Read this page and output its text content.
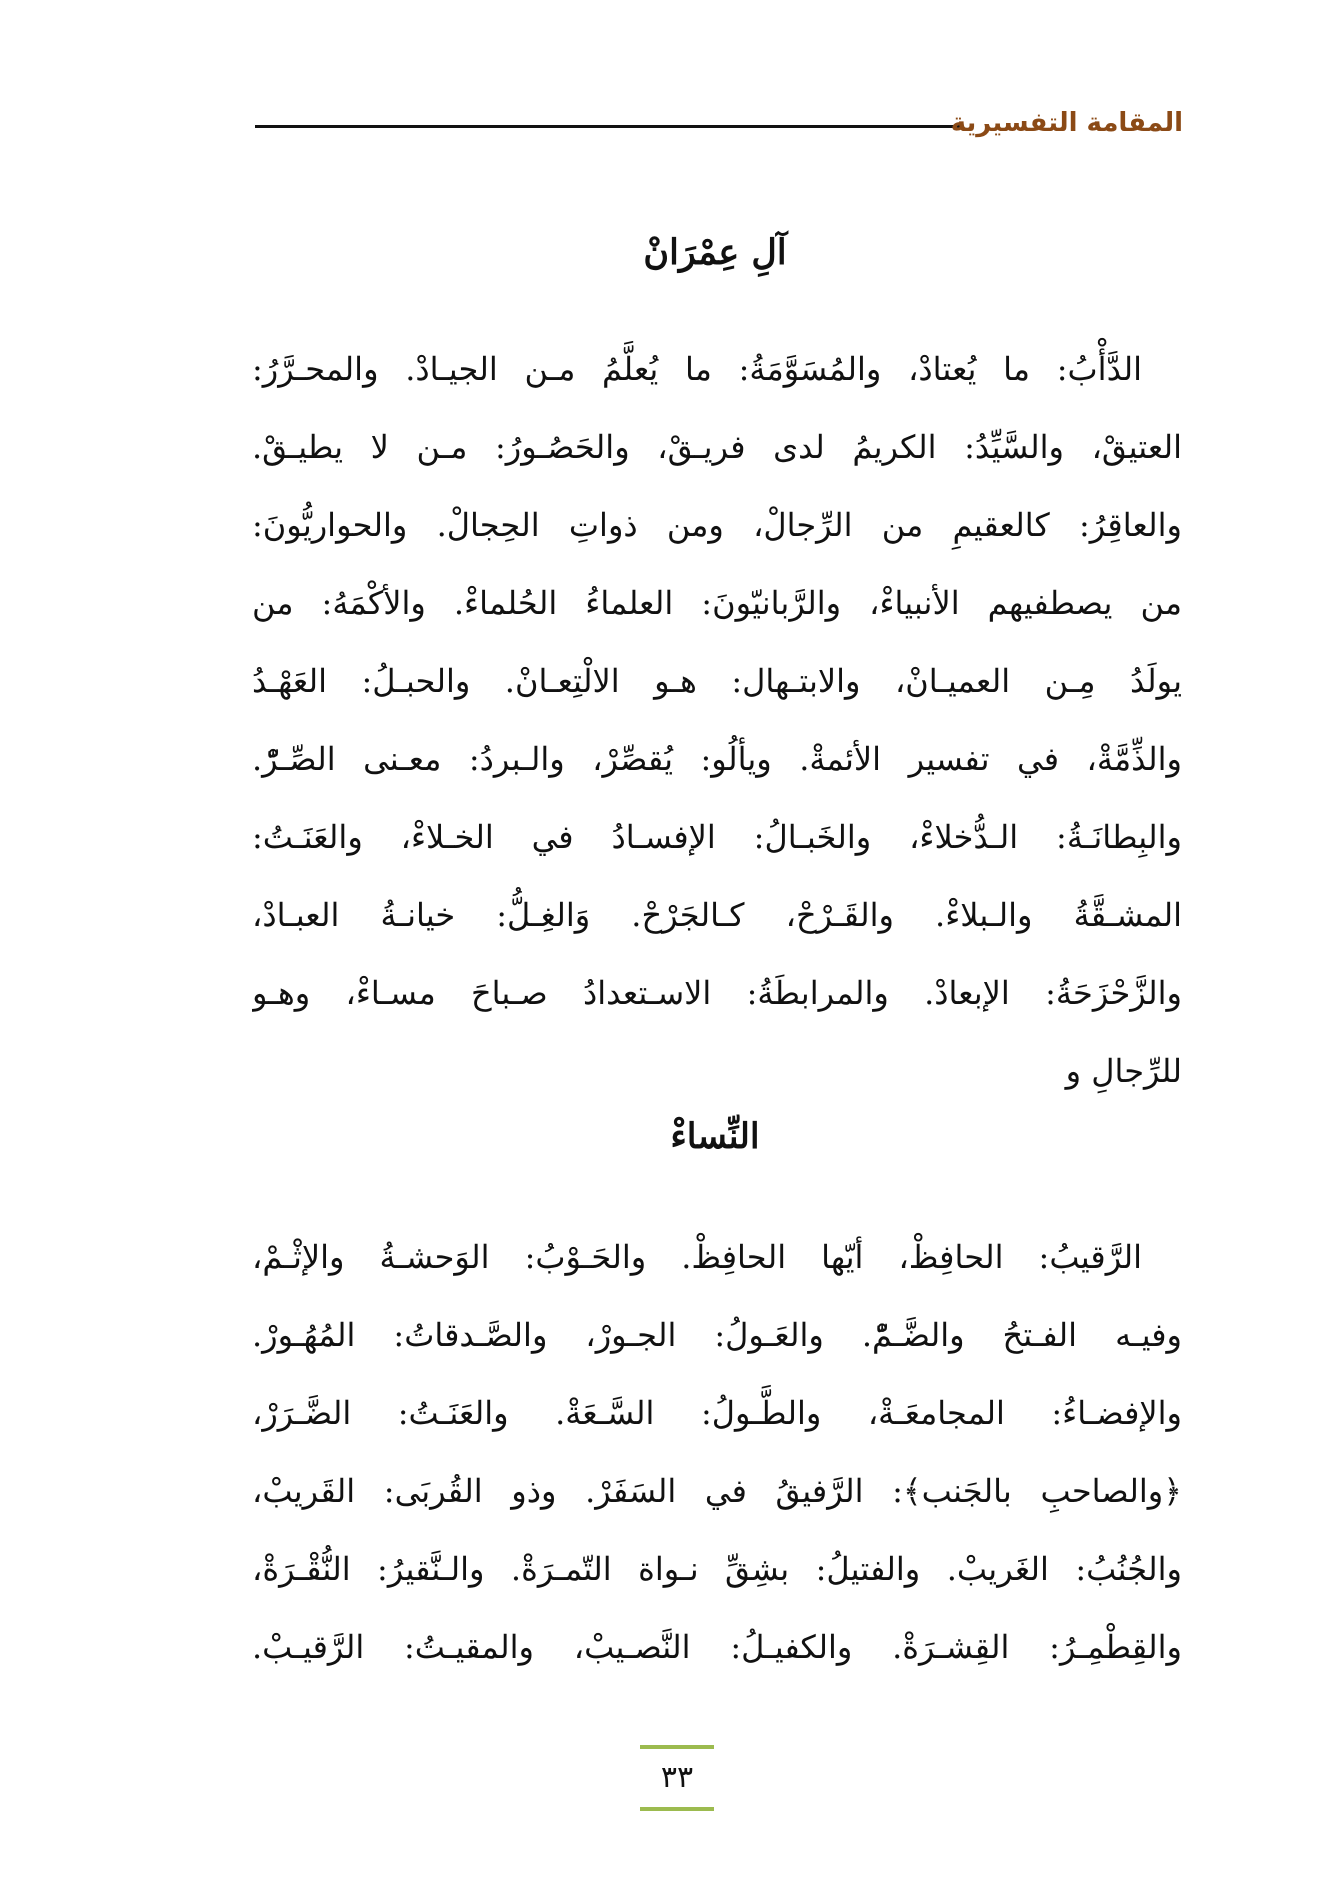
المقامة التفسيرية
آلِ عِمْرَانْ
الدَّأْبُ: ما يُعتادْ، والمُسَوَّمَةُ: ما يُعلَّمُ مـن الجيـادْ. والمحـرَّرُ:
العتيقْ، والسَّيِّدُ: الكريمُ لدى فريـقْ، والحَصُـورُ: مـن لا يطيـقْ.
والعاقِرُ: كالعقيمِ من الرِّجالْ، ومن ذواتِ الحِجالْ. والحواريُّونَ:
من يصطفيهم الأنبياءْ، والرَّبانيّونَ: العلماءُ الحُلماءْ. والأكْمَهُ: من
يولَدُ مِـن العميـانْ، والابتـهال: هـو الالْتِعـانْ. والحبـلُ: العَهْـدُ
والذِّمَّةْ، في تفسير الأئمةْ. ويألُو: يُقصِّرْ، والـبردُ: معـنى الصِّـرّْ.
والبِطانَـةُ: الـدُّخلاءْ، والخَبـالُ: الإفسـادُ في الخـلاءْ، والعَنَـتُ:
المشـقَّةُ والـبلاءْ. والقَـرْحْ، كـالجَرْحْ. وَالغِـلُّ: خيانـةُ العبـادْ،
والزَّحْزَحَةُ: الإبعادْ. والمرابطَةُ: الاسـتعدادُ صـباحَ مسـاءْ، وهـو
للرِّجالِ و
النِّساءْ
الرَّقيبُ: الحافِظْ، أيّها الحافِظْ. والحَـوْبُ: الوَحشـةُ والإثْـمْ،
وفيـه الفـتحُ والضَّـمّْ. والعَـولُ: الجـورْ، والصَّـدقاتُ: المُهُـورْ.
والإفضـاءُ: المجامعَـةْ، والطَّـولُ: السَّـعَةْ. والعَنَـتُ: الضَّـرَرْ،
﴿والصاحبِ بالجَنب﴾: الرَّفيقُ في السَفَرْ. وذو القُربَى: القَريبْ،
والجُنُبُ: الغَريبْ. والفتيلُ: بشِقِّ نـواة التّمـرَةْ. والـنَّقيرُ: النُّقْـرَةْ،
والقِطْمِـرُ: القِشـرَةْ. والكفيـلُ: النَّصـيبْ، والمقيـتُ: الرَّقيـبْ.
٣٣
